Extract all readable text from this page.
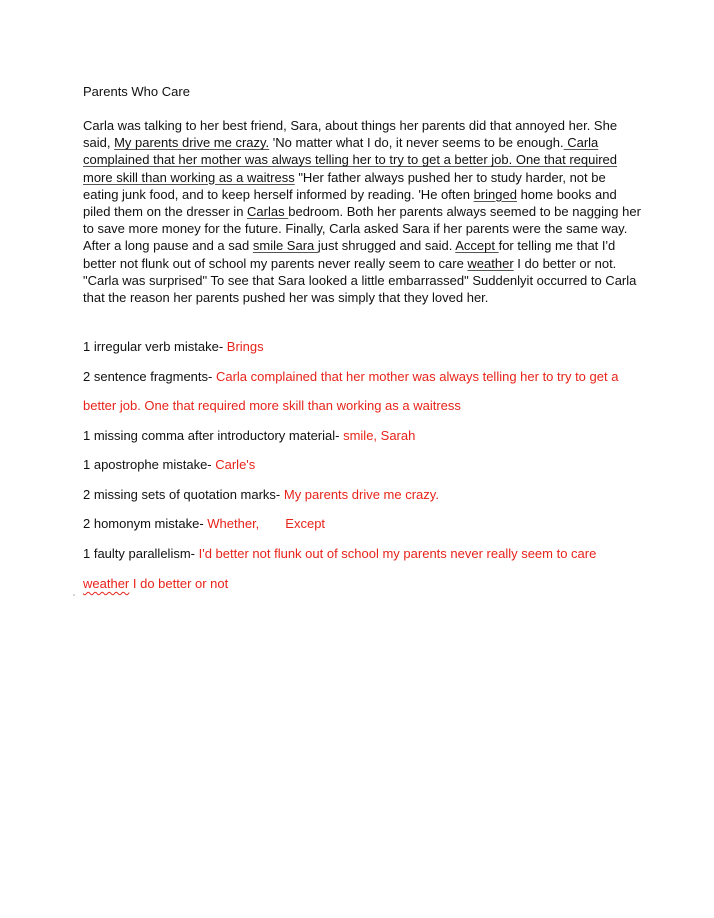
Parents Who Care
Carla was talking to her best friend, Sara, about things her parents did that annoyed her. She said, My parents drive me crazy. 'No matter what I do, it never seems to be enough. Carla complained that her mother was always telling her to try to get a better job. One that required more skill than working as a waitress "Her father always pushed her to study harder, not be eating junk food, and to keep herself informed by reading. 'He often bringed home books and piled them on the dresser in Carlas bedroom. Both her parents always seemed to be nagging her to save more money for the future. Finally, Carla asked Sara if her parents were the same way. After a long pause and a sad smile Sara just shrugged and said. Accept for telling me that I'd better not flunk out of school my parents never really seem to care weather I do better or not. "Carla was surprised" To see that Sara looked a little embarrassed" Suddenlyit occurred to Carla that the reason her parents pushed her was simply that they loved her.
1 irregular verb mistake- Brings
2 sentence fragments- Carla complained that her mother was always telling her to try to get a
better job. One that required more skill than working as a waitress
1 missing comma after introductory material- smile, Sarah
1 apostrophe mistake- Carle's
2 missing sets of quotation marks- My parents drive me crazy.
2 homonym mistake- Whether, Except
1 faulty parallelism- I'd better not flunk out of school my parents never really seem to care
weather I do better or not
